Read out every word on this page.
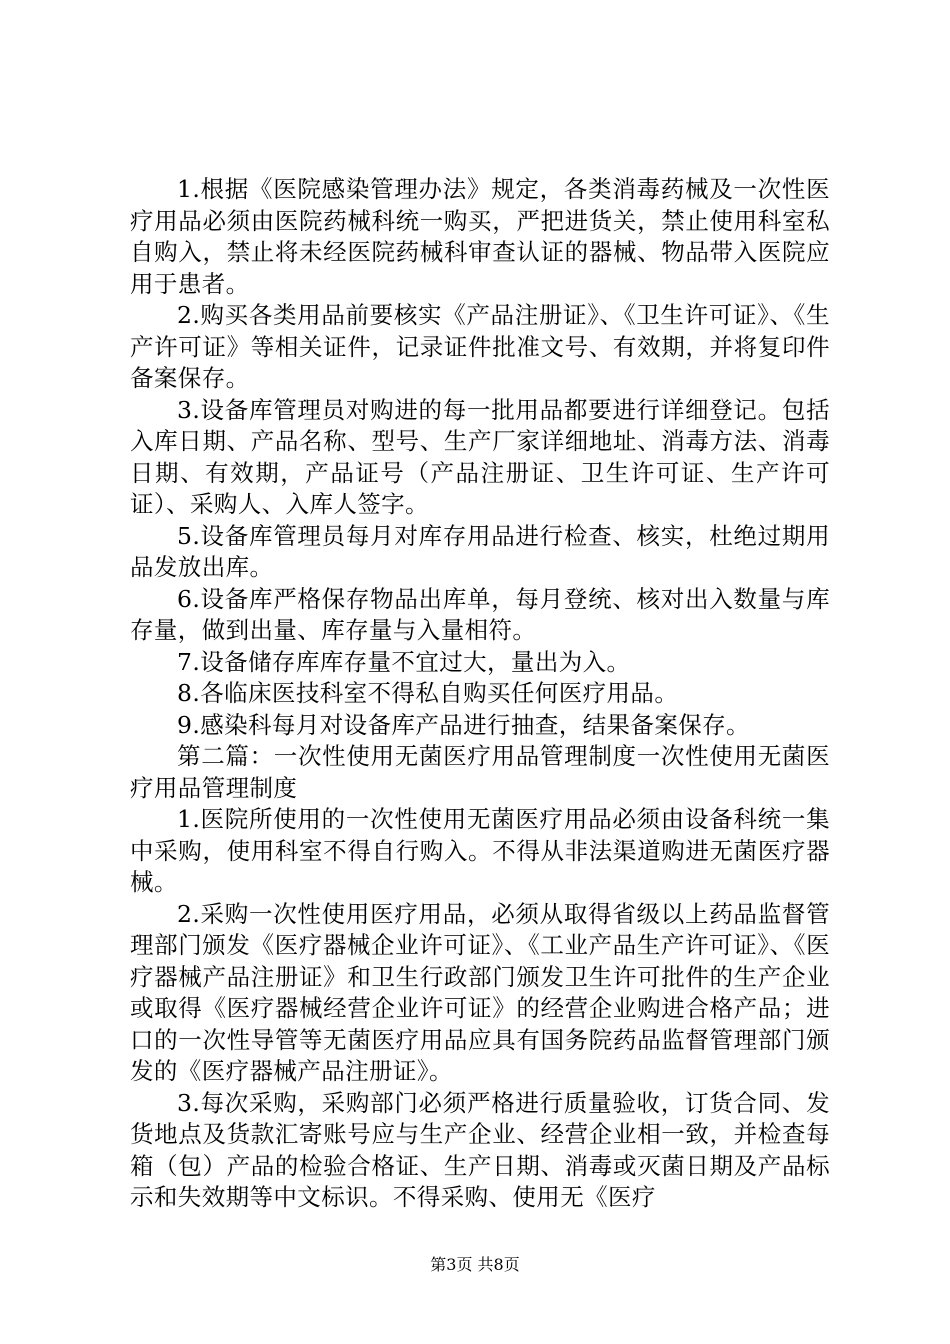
1.根据《医院感染管理办法》规定，各类消毒药械及一次性医疗用品必须由医院药械科统一购买，严把进货关，禁止使用科室私自购入，禁止将未经医院药械科审查认证的器械、物品带入医院应用于患者。

2.购买各类用品前要核实《产品注册证》、《卫生许可证》、《生产许可证》等相关证件，记录证件批准文号、有效期，并将复印件备案保存。

3.设备库管理员对购进的每一批用品都要进行详细登记。包括入库日期、产品名称、型号、生产厂家详细地址、消毒方法、消毒日期、有效期，产品证号（产品注册证、卫生许可证、生产许可证）、采购人、入库人签字。

5.设备库管理员每月对库存用品进行检查、核实，杜绝过期用品发放出库。

6.设备库严格保存物品出库单，每月登统、核对出入数量与库存量，做到出量、库存量与入量相符。

7.设备储存库库存量不宜过大，量出为入。

8.各临床医技科室不得私自购买任何医疗用品。

9.感染科每月对设备库产品进行抽查，结果备案保存。

第二篇：一次性使用无菌医疗用品管理制度一次性使用无菌医疗用品管理制度

1.医院所使用的一次性使用无菌医疗用品必须由设备科统一集中采购，使用科室不得自行购入。不得从非法渠道购进无菌医疗器械。

2.采购一次性使用医疗用品，必须从取得省级以上药品监督管理部门颁发《医疗器械企业许可证》、《工业产品生产许可证》、《医疗器械产品注册证》和卫生行政部门颁发卫生许可批件的生产企业或取得《医疗器械经营企业许可证》的经营企业购进合格产品；进口的一次性导管等无菌医疗用品应具有国务院药品监督管理部门颁发的《医疗器械产品注册证》。

3.每次采购，采购部门必须严格进行质量验收，订货合同、发货地点及货款汇寄账号应与生产企业、经营企业相一致，并检查每箱（包）产品的检验合格证、生产日期、消毒或灭菌日期及产品标示和失效期等中文标识。不得采购、使用无《医疗

第3页 共8页
